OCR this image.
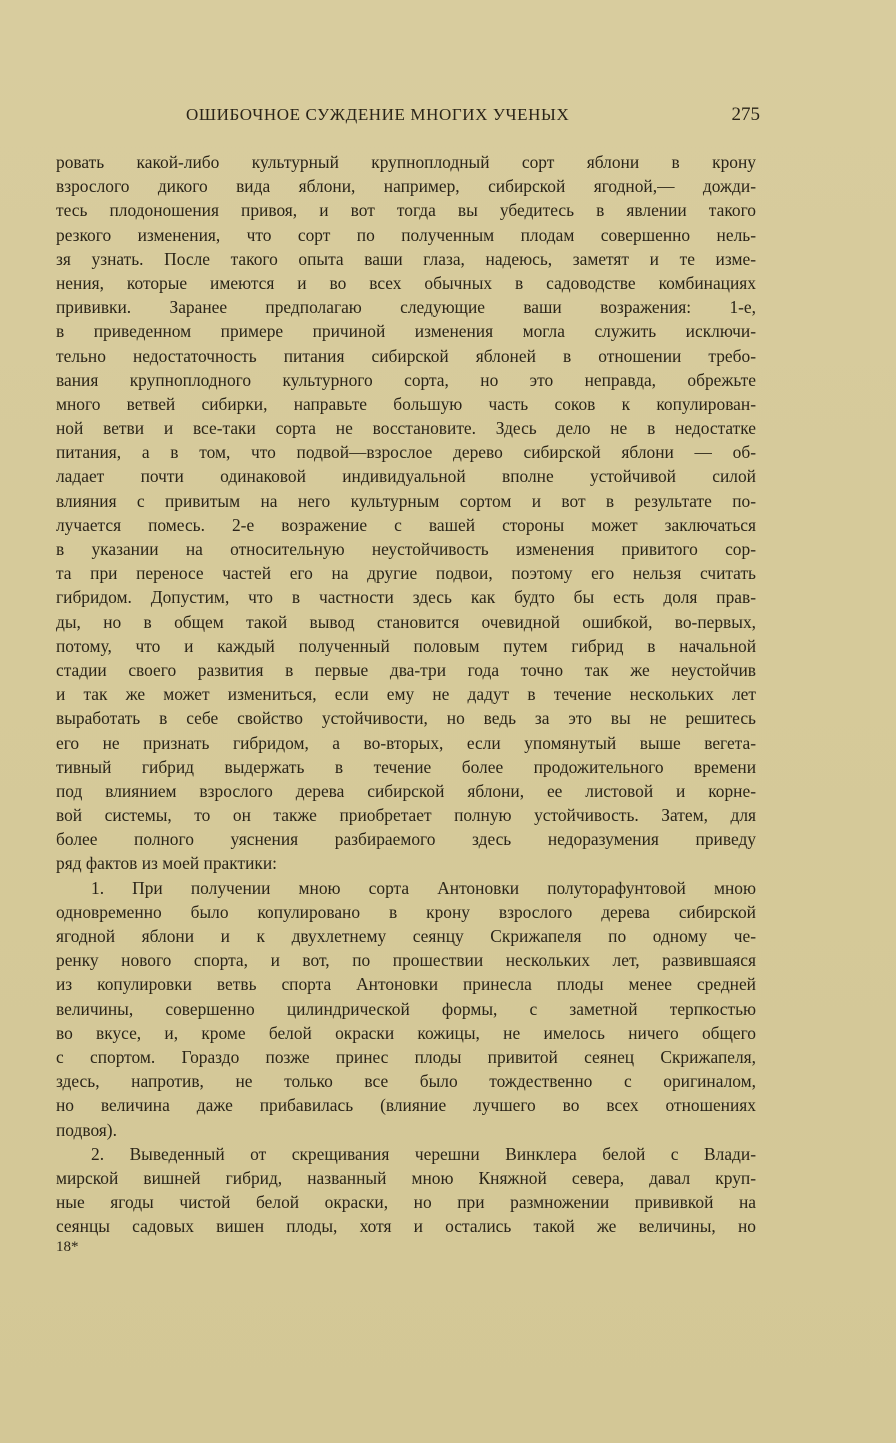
ОШИБОЧНОЕ СУЖДЕНИЕ МНОГИХ УЧЕНЫХ	275
ровать какой-либо культурный крупноплодный сорт яблони в крону
взрослого дикого вида яблони, например, сибирской ягодной,— дожди-
тесь плодоношения привоя, и вот тогда вы убедитесь в явлении такого
резкого изменения, что сорт по полученным плодам совершенно нель-
зя узнать. После такого опыта ваши глаза, надеюсь, заметят и те изме-
нения, которые имеются и во всех обычных в садоводстве комбинациях
прививки. Заранее предполагаю следующие ваши возражения: 1-е,
в приведенном примере причиной изменения могла служить исключи-
тельно недостаточность питания сибирской яблоней в отношении требо-
вания крупноплодного культурного сорта, но это неправда, обрежьте
много ветвей сибирки, направьте большую часть соков к копулирован-
ной ветви и все-таки сорта не восстановите. Здесь дело не в недостатке
питания, а в том, что подвой—взрослое дерево сибирской яблони — об-
ладает почти одинаковой индивидуальной вполне устойчивой силой
влияния с привитым на него культурным сортом и вот в результате по-
лучается помесь. 2-е возражение с вашей стороны может заключаться
в указании на относительную неустойчивость изменения привитого сор-
та при переносе частей его на другие подвои, поэтому его нельзя считать
гибридом. Допустим, что в частности здесь как будто бы есть доля прав-
ды, но в общем такой вывод становится очевидной ошибкой, во-первых,
потому, что и каждый полученный половым путем гибрид в начальной
стадии своего развития в первые два-три года точно так же неустойчив
и так же может измениться, если ему не дадут в течение нескольких лет
выработать в себе свойство устойчивости, но ведь за это вы не решитесь
его не признать гибридом, а во-вторых, если упомянутый выше вегета-
тивный гибрид выдержать в течение более продожительного времени
под влиянием взрослого дерева сибирской яблони, ее листовой и корне-
вой системы, то он также приобретает полную устойчивость. Затем, для
более полного уяснения разбираемого здесь недоразумения приведу
ряд фактов из моей практики:
1. При получении мною сорта Антоновки полуторафунтовой мною
одновременно было копулировано в крону взрослого дерева сибирской
ягодной яблони и к двухлетнему сеянцу Скрижапеля по одному че-
ренку нового спорта, и вот, по прошествии нескольких лет, развившаяся
из копулировки ветвь спорта Антоновки принесла плоды менее средней
величины, совершенно цилиндрической формы, с заметной терпкостью
во вкусе, и, кроме белой окраски кожицы, не имелось ничего общего
с спортом. Гораздо позже принес плоды привитой сеянец Скрижапеля,
здесь, напротив, не только все было тождественно с оригиналом,
но величина даже прибавилась (влияние лучшего во всех отношениях
подвоя).
2. Выведенный от скрещивания черешни Винклера белой с Влади-
мирской вишней гибрид, названный мною Княжной севера, давал круп-
ные ягоды чистой белой окраски, но при размножении прививкой на
сеянцы садовых вишен плоды, хотя и остались такой же величины, но
18*
